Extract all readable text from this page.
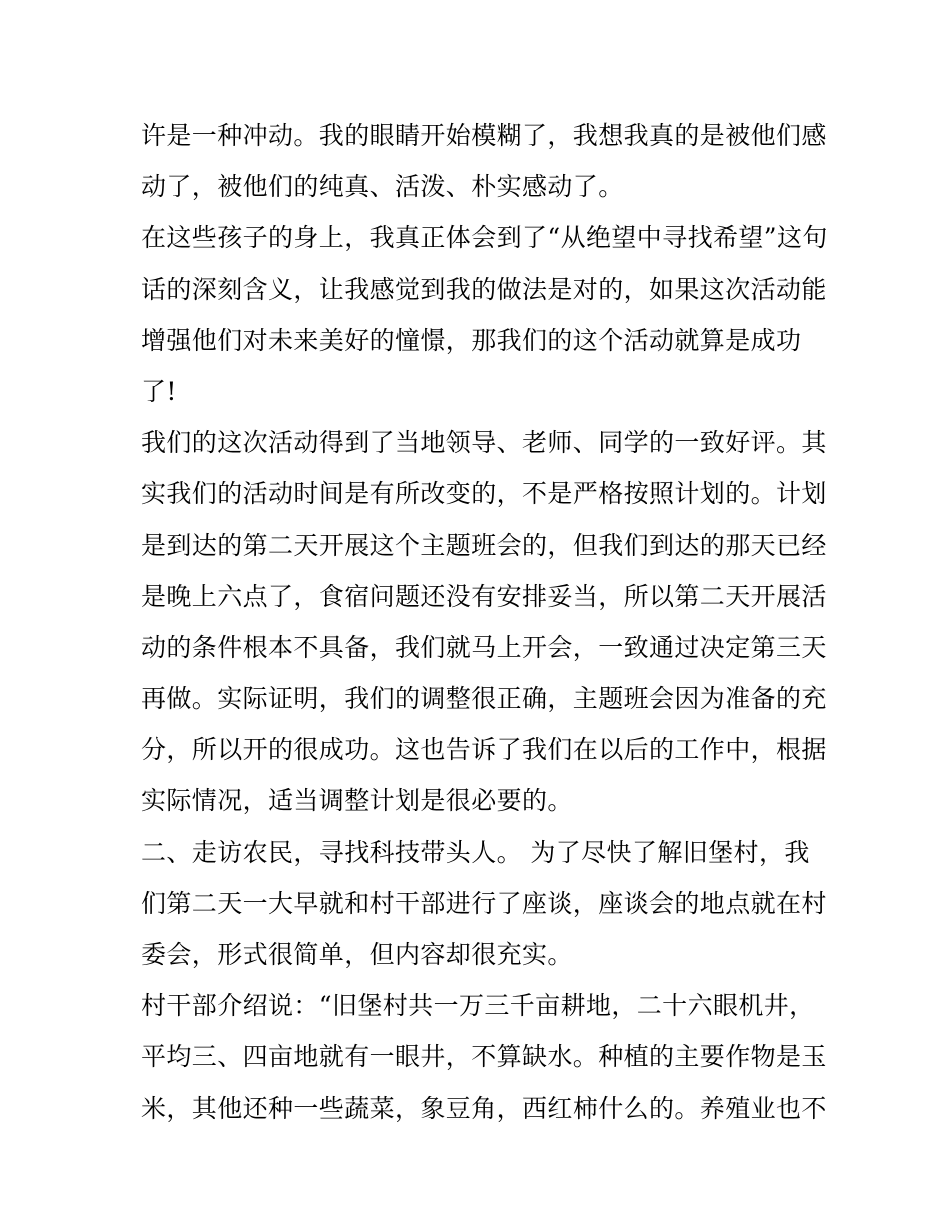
许是一种冲动。我的眼睛开始模糊了，我想我真的是被他们感
动了，被他们的纯真、活泼、朴实感动了。
在这些孩子的身上，我真正体会到了“从绝望中寻找希望”这句
话的深刻含义，让我感觉到我的做法是对的，如果这次活动能
增强他们对未来美好的憧憬，那我们的这个活动就算是成功
了!
我们的这次活动得到了当地领导、老师、同学的一致好评。其
实我们的活动时间是有所改变的，不是严格按照计划的。计划
是到达的第二天开展这个主题班会的，但我们到达的那天已经
是晚上六点了，食宿问题还没有安排妥当，所以第二天开展活
动的条件根本不具备，我们就马上开会，一致通过决定第三天
再做。实际证明，我们的调整很正确，主题班会因为准备的充
分，所以开的很成功。这也告诉了我们在以后的工作中，根据
实际情况，适当调整计划是很必要的。
二、走访农民，寻找科技带头人。 为了尽快了解旧堡村，我
们第二天一大早就和村干部进行了座谈，座谈会的地点就在村
委会，形式很简单，但内容却很充实。
村干部介绍说：“旧堡村共一万三千亩耕地，二十六眼机井，
平均三、四亩地就有一眼井，不算缺水。种植的主要作物是玉
米，其他还种一些蔬菜，象豆角，西红柿什么的。养殖业也不
